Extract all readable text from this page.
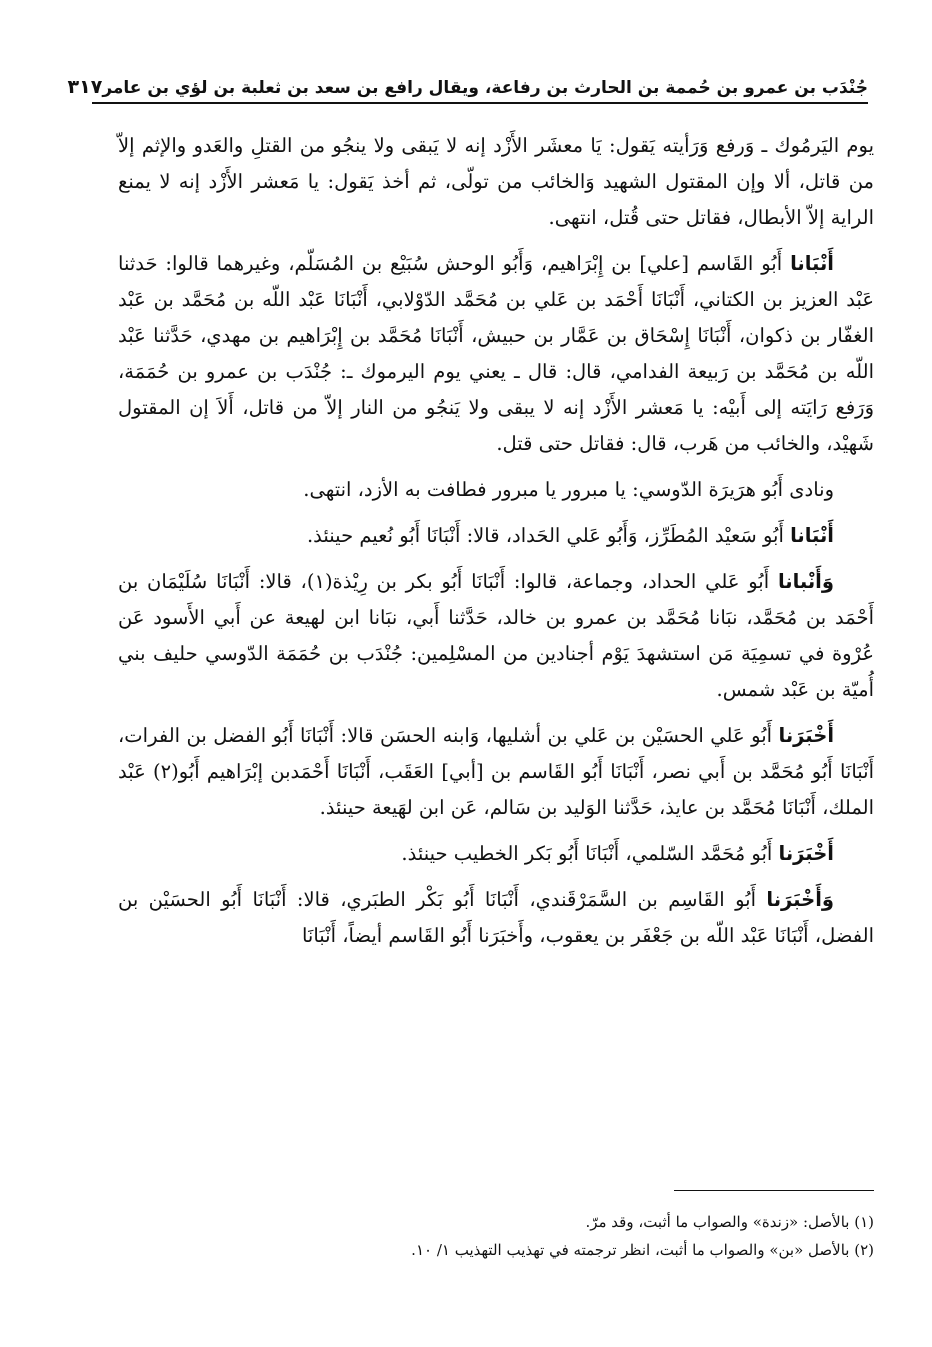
جُنْدَب بن عمرو بن حُممة بن الحارث بن رفاعة، ويقال رافع بن سعد بن ثعلبة بن لؤي بن عامر
٣١٧

يوم اليَرمُوك ـ وَرفع وَرَأيته يَقول: يَا معشَر الأَزْد إنه لا يَبقى ولا ينجُو من القتلِ والعَدو والإثم إلاّ من قاتل، ألا وإن المقتول الشهيد وَالخائب من تولّى، ثم أخذ يَقول: يا مَعشر الأَزْد إنه لا يمنع الراية إلاّ الأبطال، فقاتل حتى قُتل، انتهى.

أَنْبَانا أَبُو القَاسم [علي] بن إِبْرَاهيم، وَأَبُو الوحش سُبَيْع بن المُسَلّم، وغيرهما قالوا: حَدثنا عَبْد العزيز بن الكتاني، أَنْبَانَا أَحْمَد بن عَلي بن مُحَمَّد الدّوْلابي، أَنْبَانَا عَبْد اللّه بن مُحَمَّد بن عَبْد الغفّار بن ذكوان، أَنْبَانَا إِسْحَاق بن عَمَّار بن حبيش، أَنْبَانَا مُحَمَّد بن إِبْرَاهيم بن مهدي، حَدَّثنا عَبْد اللّه بن مُحَمَّد بن رَبيعة الفدامي، قال: قال ـ يعني يوم اليرموك ـ: جُنْدَب بن عمرو بن حُمَمَة، وَرَفع رَايَته إلى أَبيْه: يا مَعشر الأَزْد إنه لا يبقى ولا يَنجُو من النار إلاّ من قاتل، أَلاَ إن المقتول شَهيْد، والخائب من هَرب، قال: فقاتل حتى قتل.

ونادى أَبُو هرَيرَة الدّوسي: يا مبرور يا مبرور فطافت به الأزد، انتهى.

أَنْبَانا أَبُو سَعيْد المُطَرِّز، وَأَبُو عَلي الحَداد، قالا: أَنْبَانَا أَبُو نُعيم حينئذ.

وَأَنْبانا أَبُو عَلي الحداد، وجماعة، قالوا: أَنْبَانَا أَبُو بكر بن رِيْذة(١)، قالا: أَنْبَانَا سُلَيْمَان بن أَحْمَد بن مُحَمَّد، نبَانا مُحَمَّد بن عمرو بن خالد، حَدَّثنا أَبي، نبَانا ابن لهيعة عن أَبي الأَسود عَن عُرْوة في تسمِيَة مَن استشهدَ يَوْم أجنادين من المسْلِمين: جُنْدَب بن حُمَمَة الدّوسي حليف بني أُميّة بن عَبْد شمس.

أَخْبَرَنا أَبُو عَلي الحسَيْن بن عَلي بن أشليها، وَابنه الحسَن قالا: أَنْبَانَا أَبُو الفضل بن الفرات، أَنْبَانَا أَبُو مُحَمَّد بن أَبي نصر، أَنْبَانَا أَبُو القَاسم بن [أبي] العَقَب، أَنْبَانَا أَحْمَدبن إبْرَاهيم أَبُو(٢) عَبْد الملك، أَنْبَانَا مُحَمَّد بن عايذ، حَدَّثنا الوَليد بن سَالم، عَن ابن لهَيعة حينئذ.

أَخْبَرَنا أَبُو مُحَمَّد السّلمي، أَنْبَانَا أَبُو بَكر الخطيب حينئذ.

وَأَخْبَرَنا أَبُو القَاسِم بن السَّمَرْقَندي، أَنْبَانَا أَبُو بَكْر الطبَري، قالا: أَنْبَانَا أَبُو الحسَيْن بن الفضل، أَنْبَانَا عَبْد اللّه بن جَعْفَر بن يعقوب، وأَخبَرَنا أَبُو القَاسم أيضاً، أَنْبَانَا

(١) بالأصل: «زندة» والصواب ما أثبت، وقد مرّ.
(٢) بالأصل «بن» والصواب ما أثبت، انظر ترجمته في تهذيب التهذيب ١/ ١٠.
